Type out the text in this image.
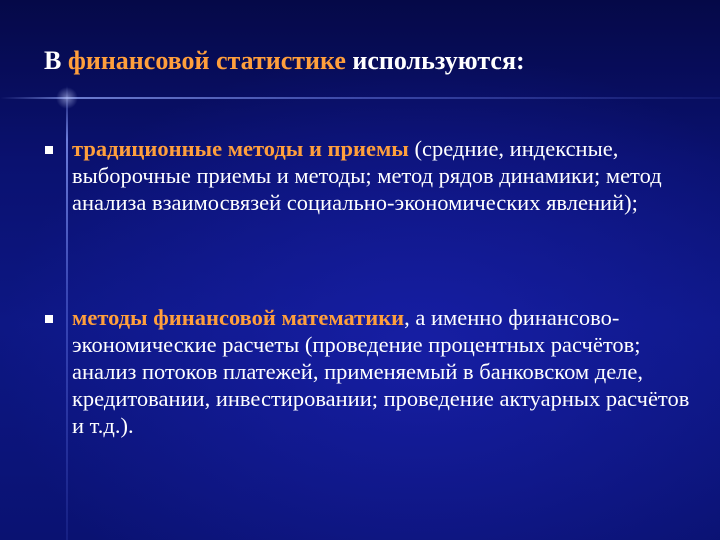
В финансовой статистике используются:

традиционные методы и приемы (средние, индексные, выборочные приемы и методы; метод рядов динамики; метод анализа взаимосвязей социально-экономических явлений);

методы финансовой математики, а именно финансово-экономические расчеты (проведение процентных расчётов; анализ потоков платежей, применяемый в банковском деле, кредитовании, инвестировании; проведение актуарных расчётов и т.д.).
